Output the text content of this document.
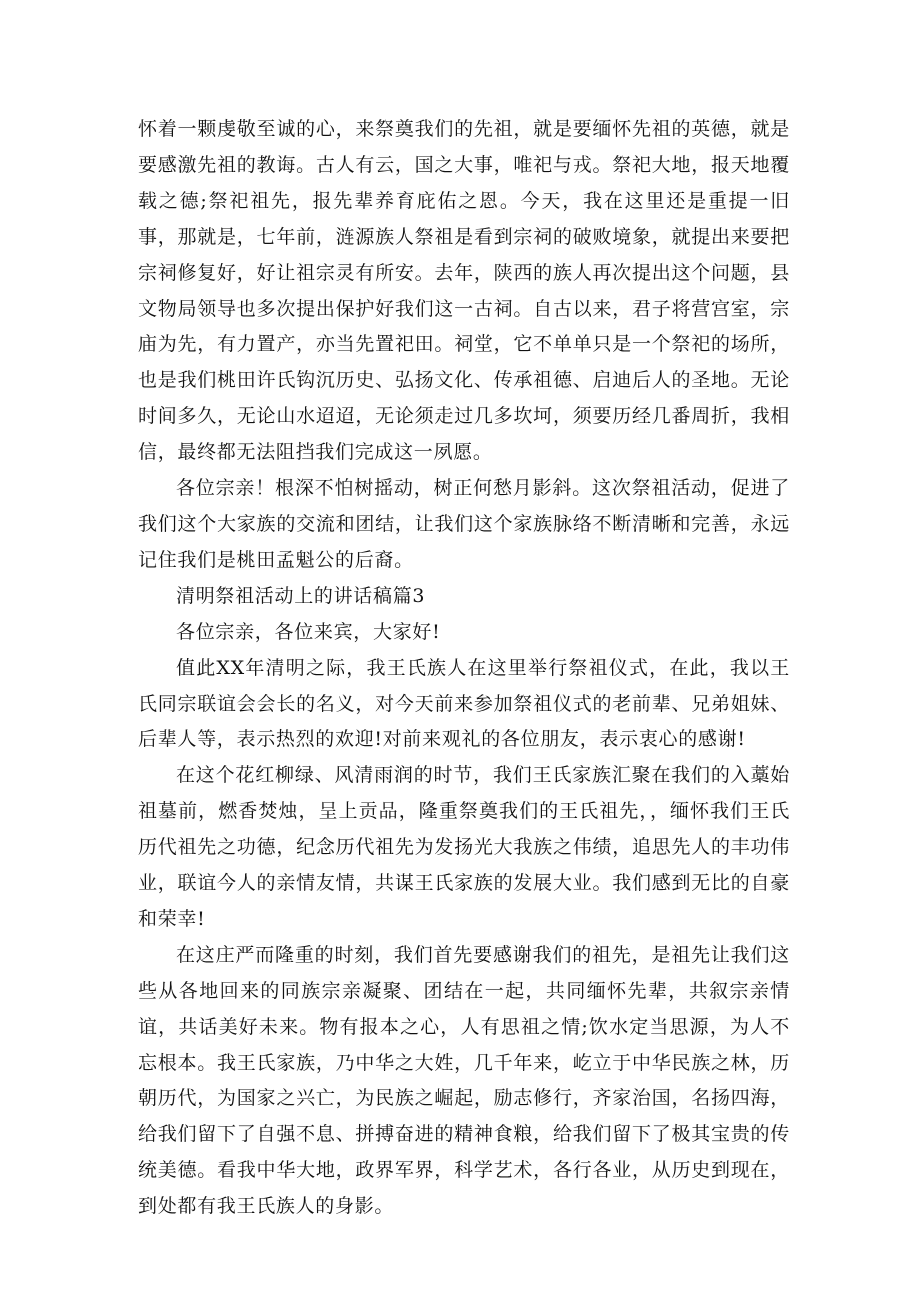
怀着一颗虔敬至诚的心，来祭奠我们的先祖，就是要缅怀先祖的英德，就是要感激先祖的教诲。古人有云，国之大事，唯祀与戎。祭祀大地，报天地覆载之德;祭祀祖先，报先辈养育庇佑之恩。今天，我在这里还是重提一旧事，那就是，七年前，涟源族人祭祖是看到宗祠的破败境象，就提出来要把宗祠修复好，好让祖宗灵有所安。去年，陕西的族人再次提出这个问题，县文物局领导也多次提出保护好我们这一古祠。自古以来，君子将营宫室，宗庙为先，有力置产，亦当先置祀田。祠堂，它不单单只是一个祭祀的场所，也是我们桃田许氏钩沉历史、弘扬文化、传承祖德、启迪后人的圣地。无论时间多久，无论山水迢迢，无论须走过几多坎坷，须要历经几番周折，我相信，最终都无法阻挡我们完成这一夙愿。

各位宗亲！根深不怕树摇动，树正何愁月影斜。这次祭祖活动，促进了我们这个大家族的交流和团结，让我们这个家族脉络不断清晰和完善，永远记住我们是桃田孟魁公的后裔。

清明祭祖活动上的讲话稿篇3

各位宗亲，各位来宾，大家好!

值此XX年清明之际，我王氏族人在这里举行祭祖仪式，在此，我以王氏同宗联谊会会长的名义，对今天前来参加祭祖仪式的老前辈、兄弟姐妹、后辈人等，表示热烈的欢迎!对前来观礼的各位朋友，表示衷心的感谢!

在这个花红柳绿、风清雨润的时节，我们王氏家族汇聚在我们的入藁始祖墓前，燃香焚烛，呈上贡品，隆重祭奠我们的王氏祖先，，缅怀我们王氏历代祖先之功德，纪念历代祖先为发扬光大我族之伟绩，追思先人的丰功伟业，联谊今人的亲情友情，共谋王氏家族的发展大业。我们感到无比的自豪和荣幸!

在这庄严而隆重的时刻，我们首先要感谢我们的祖先，是祖先让我们这些从各地回来的同族宗亲凝聚、团结在一起，共同缅怀先辈，共叙宗亲情谊，共话美好未来。物有报本之心，人有思祖之情;饮水定当思源，为人不忘根本。我王氏家族，乃中华之大姓，几千年来，屹立于中华民族之林，历朝历代，为国家之兴亡，为民族之崛起，励志修行，齐家治国，名扬四海，给我们留下了自强不息、拼搏奋进的精神食粮，给我们留下了极其宝贵的传统美德。看我中华大地，政界军界，科学艺术，各行各业，从历史到现在，到处都有我王氏族人的身影。
